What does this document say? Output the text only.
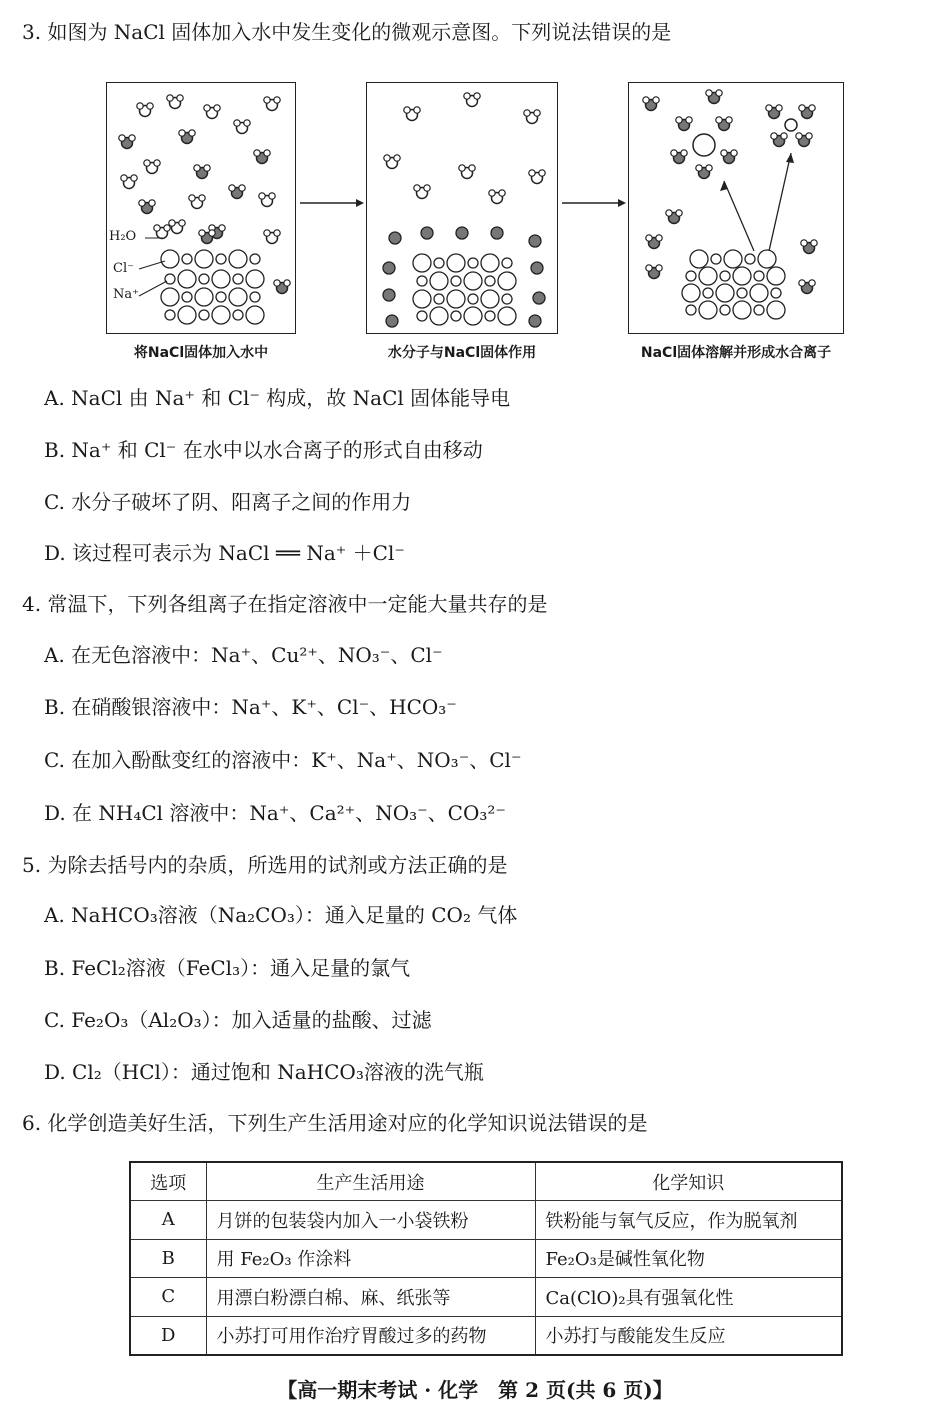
3. 如图为 NaCl 固体加入水中发生变化的微观示意图。下列说法错误的是
H₂O
Cl⁻
Na⁺
将NaCl固体加入水中	水分子与NaCl固体作用	NaCl固体溶解并形成水合离子
A. NaCl 由 Na⁺ 和 Cl⁻ 构成，故 NaCl 固体能导电
B. Na⁺ 和 Cl⁻ 在水中以水合离子的形式自由移动
C. 水分子破坏了阴、阳离子之间的作用力
D. 该过程可表示为 NaCl ══ Na⁺ ＋Cl⁻
4. 常温下，下列各组离子在指定溶液中一定能大量共存的是
A. 在无色溶液中：Na⁺、Cu²⁺、NO₃⁻、Cl⁻
B. 在硝酸银溶液中：Na⁺、K⁺、Cl⁻、HCO₃⁻
C. 在加入酚酞变红的溶液中：K⁺、Na⁺、NO₃⁻、Cl⁻
D. 在 NH₄Cl 溶液中：Na⁺、Ca²⁺、NO₃⁻、CO₃²⁻
5. 为除去括号内的杂质，所选用的试剂或方法正确的是
A. NaHCO₃溶液（Na₂CO₃）：通入足量的 CO₂ 气体
B. FeCl₂溶液（FeCl₃）：通入足量的氯气
C. Fe₂O₃（Al₂O₃）：加入适量的盐酸、过滤
D. Cl₂（HCl）：通过饱和 NaHCO₃溶液的洗气瓶
6. 化学创造美好生活，下列生产生活用途对应的化学知识说法错误的是
选项	生产生活用途	化学知识
A	月饼的包装袋内加入一小袋铁粉	铁粉能与氧气反应，作为脱氧剂
B	用 Fe₂O₃ 作涂料	Fe₂O₃是碱性氧化物
C	用漂白粉漂白棉、麻、纸张等	Ca(ClO)₂具有强氧化性
D	小苏打可用作治疗胃酸过多的药物	小苏打与酸能发生反应
【高一期末考试 · 化学　第 2 页(共 6 页)】
